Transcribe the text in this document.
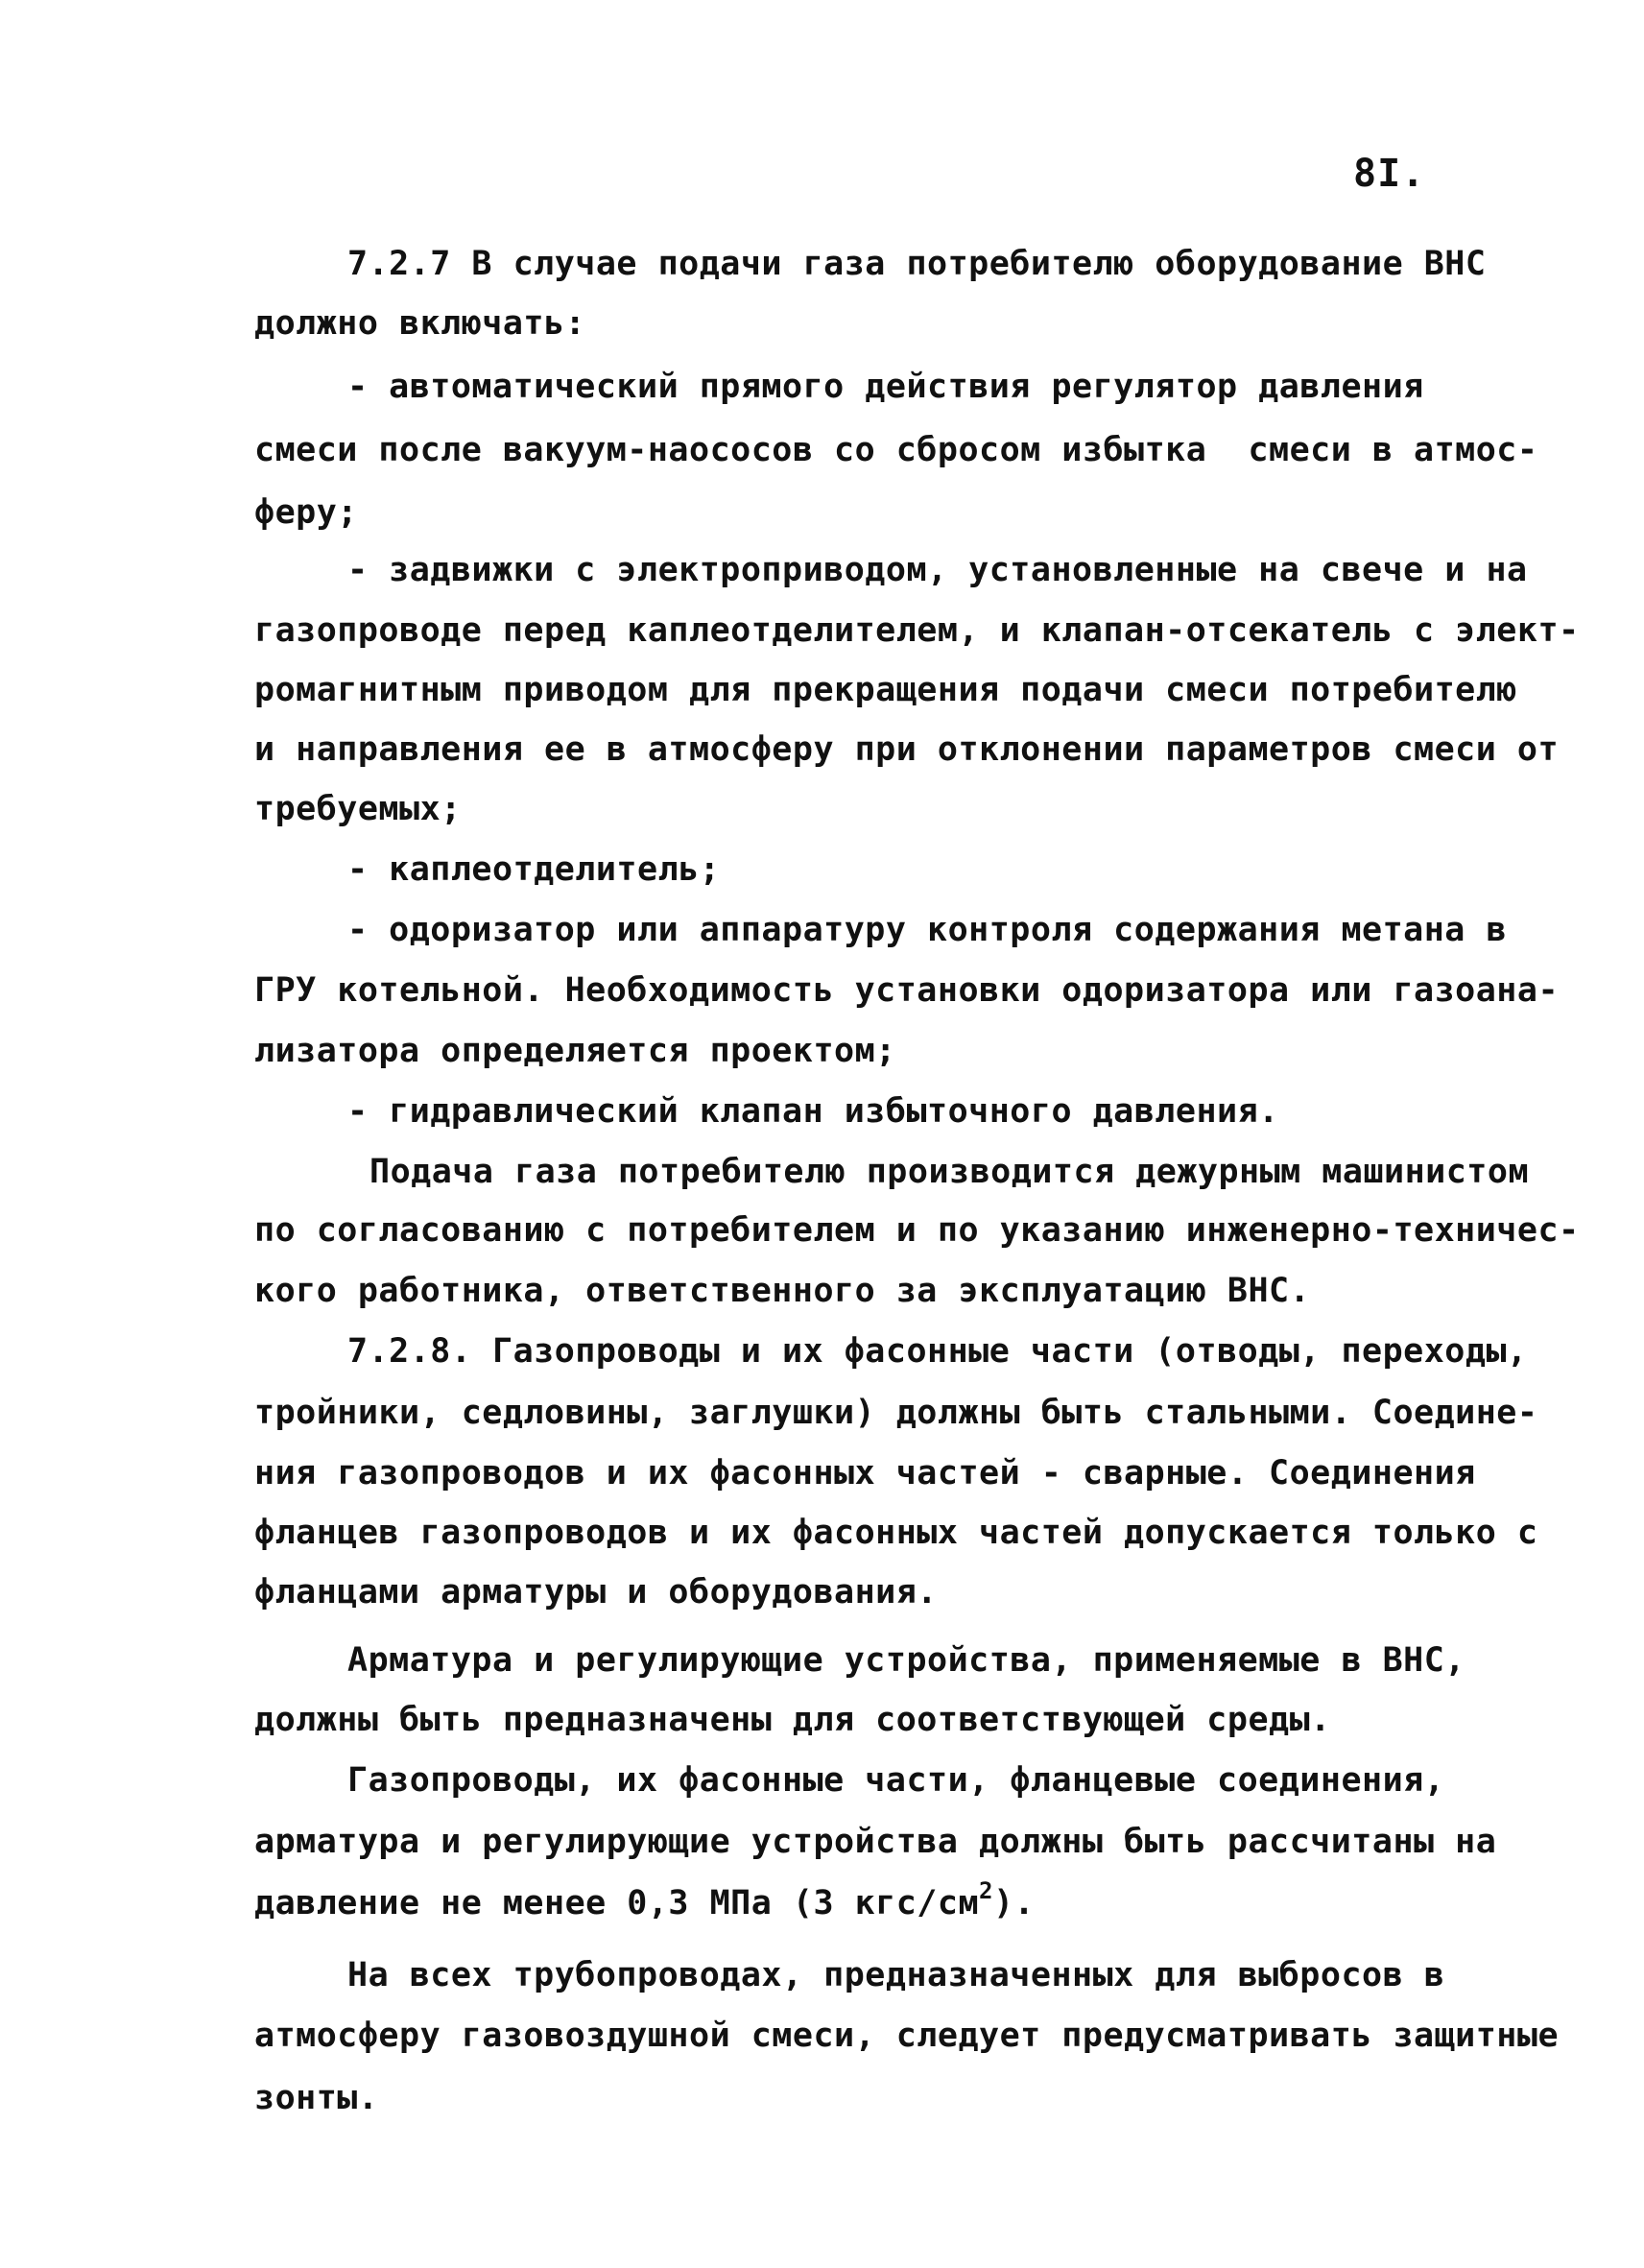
8I.
7.2.7 В случае подачи газа потребителю оборудование ВНС
должно включать:
- автоматический прямого действия регулятор давления
смеси после вакуум-наососов со сбросом избытка  смеси в атмос-
феру;
- задвижки с электроприводом, установленные на свече и на
газопроводе перед каплеотделителем, и клапан-отсекатель с элект-
ромагнитным приводом для прекращения подачи смеси потребителю
и направления ее в атмосферу при отклонении параметров смеси от
требуемых;
- каплеотделитель;
- одоризатор или аппаратуру контроля содержания метана в
ГРУ котельной. Необходимость установки одоризатора или газоана-
лизатора определяется проектом;
- гидравлический клапан избыточного давления.
Подача газа потребителю производится дежурным машинистом
по согласованию с потребителем и по указанию инженерно-техничес-
кого работника, ответственного за эксплуатацию ВНС.
7.2.8. Газопроводы и их фасонные части (отводы, переходы,
тройники, седловины, заглушки) должны быть стальными. Соедине-
ния газопроводов и их фасонных частей - сварные. Соединения
фланцев газопроводов и их фасонных частей допускается только с
фланцами арматуры и оборудования.
Арматура и регулирующие устройства, применяемые в ВНС,
должны быть предназначены для соответствующей среды.
Газопроводы, их фасонные части, фланцевые соединения,
арматура и регулирующие устройства должны быть рассчитаны на
давление не менее 0,3 МПа (3 кгс/$см^2$).
На всех трубопроводах, предназначенных для выбросов в
атмосферу газовоздушной смеси, следует предусматривать защитные
зонты.
